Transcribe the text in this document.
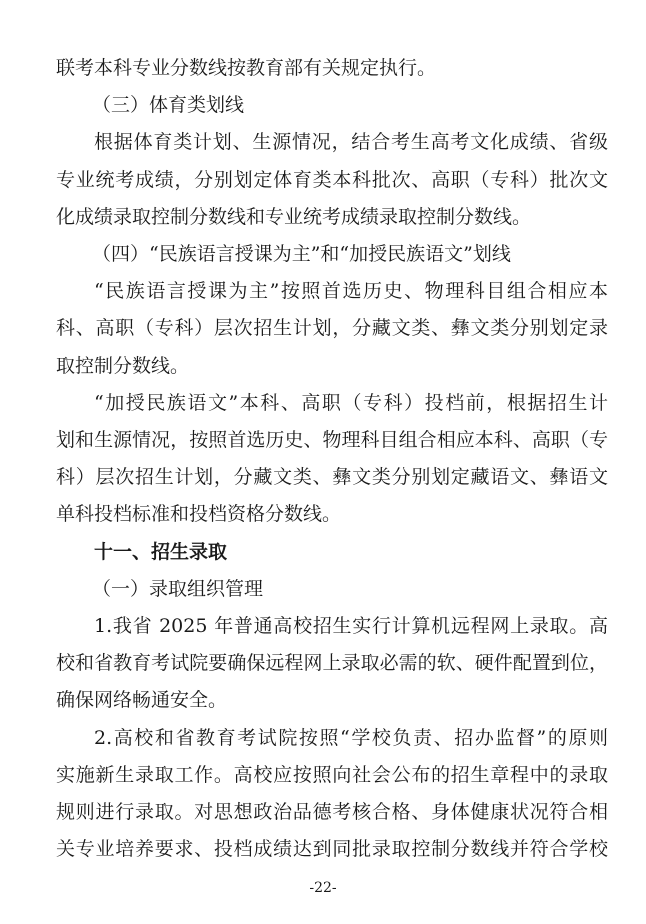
联考本科专业分数线按教育部有关规定执行。
（三）体育类划线
根据体育类计划、生源情况，结合考生高考文化成绩、省级
专业统考成绩，分别划定体育类本科批次、高职（专科）批次文
化成绩录取控制分数线和专业统考成绩录取控制分数线。
（四）“民族语言授课为主”和“加授民族语文”划线
“民族语言授课为主”按照首选历史、物理科目组合相应本
科、高职（专科）层次招生计划，分藏文类、彝文类分别划定录
取控制分数线。
“加授民族语文”本科、高职（专科）投档前，根据招生计
划和生源情况，按照首选历史、物理科目组合相应本科、高职（专
科）层次招生计划，分藏文类、彝文类分别划定藏语文、彝语文
单科投档标准和投档资格分数线。
十一、招生录取
（一）录取组织管理
1.我省 2025 年普通高校招生实行计算机远程网上录取。高
校和省教育考试院要确保远程网上录取必需的软、硬件配置到位，
确保网络畅通安全。
2.高校和省教育考试院按照“学校负责、招办监督”的原则
实施新生录取工作。高校应按照向社会公布的招生章程中的录取
规则进行录取。对思想政治品德考核合格、身体健康状况符合相
关专业培养要求、投档成绩达到同批录取控制分数线并符合学校
-22-
